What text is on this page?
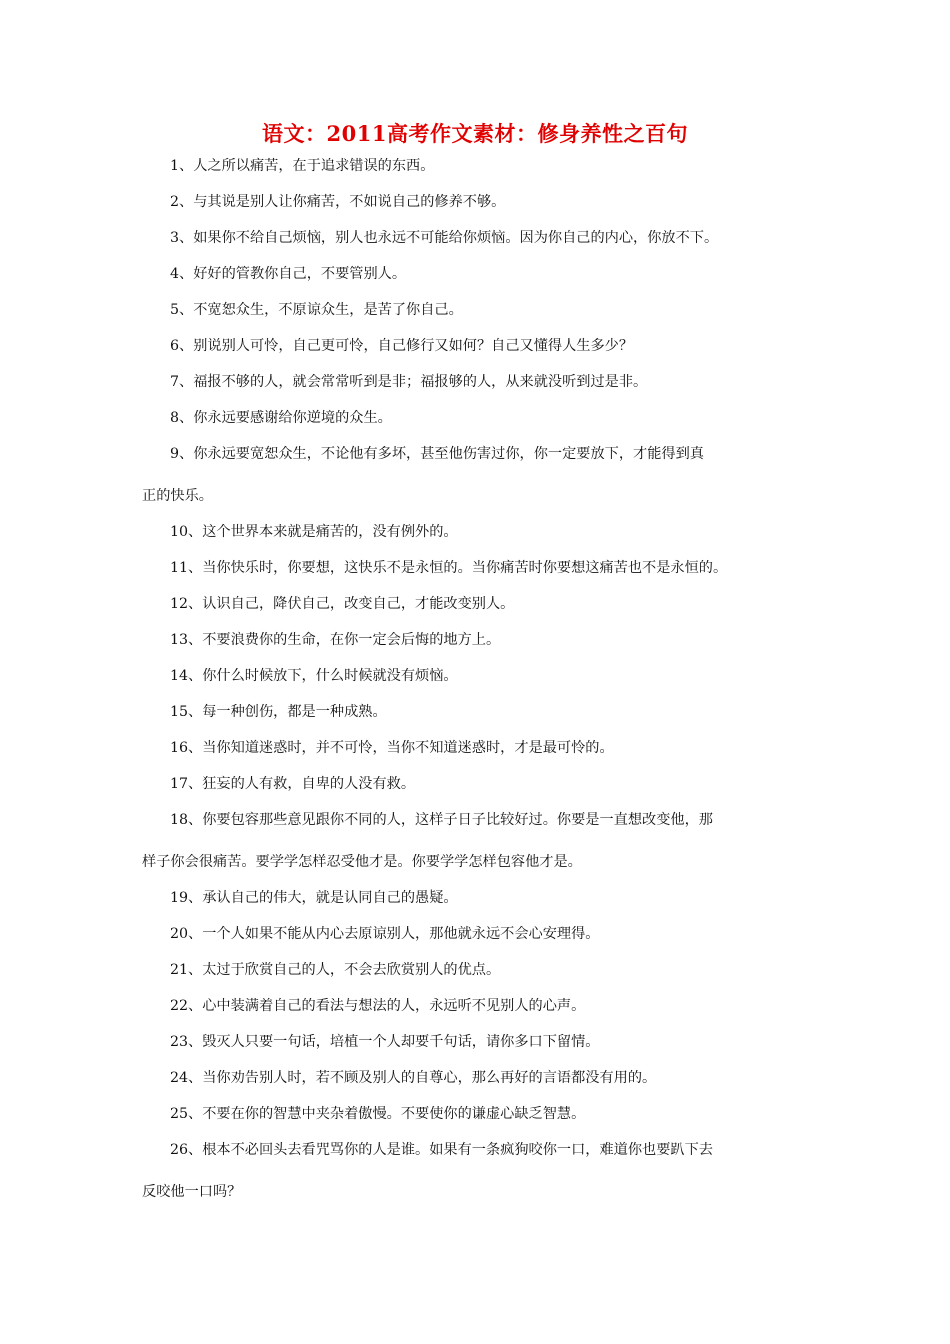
语文：2011高考作文素材：修身养性之百句
1、人之所以痛苦，在于追求错误的东西。
2、与其说是别人让你痛苦，不如说自己的修养不够。
3、如果你不给自己烦恼，别人也永远不可能给你烦恼。因为你自己的内心，你放不下。
4、好好的管教你自己，不要管别人。
5、不宽恕众生，不原谅众生，是苦了你自己。
6、别说别人可怜，自己更可怜，自己修行又如何？自己又懂得人生多少？
7、福报不够的人，就会常常听到是非；福报够的人，从来就没听到过是非。
8、你永远要感谢给你逆境的众生。
9、你永远要宽恕众生，不论他有多坏，甚至他伤害过你，你一定要放下，才能得到真
正的快乐。
10、这个世界本来就是痛苦的，没有例外的。
11、当你快乐时，你要想，这快乐不是永恒的。当你痛苦时你要想这痛苦也不是永恒的。
12、认识自己，降伏自己，改变自己，才能改变别人。
13、不要浪费你的生命，在你一定会后悔的地方上。
14、你什么时候放下，什么时候就没有烦恼。
15、每一种创伤，都是一种成熟。
16、当你知道迷惑时，并不可怜，当你不知道迷惑时，才是最可怜的。
17、狂妄的人有救，自卑的人没有救。
18、你要包容那些意见跟你不同的人，这样子日子比较好过。你要是一直想改变他，那
样子你会很痛苦。要学学怎样忍受他才是。你要学学怎样包容他才是。
19、承认自己的伟大，就是认同自己的愚疑。
20、一个人如果不能从内心去原谅别人，那他就永远不会心安理得。
21、太过于欣赏自己的人，不会去欣赏别人的优点。
22、心中装满着自己的看法与想法的人，永远听不见别人的心声。
23、毁灭人只要一句话，培植一个人却要千句话，请你多口下留情。
24、当你劝告别人时，若不顾及别人的自尊心，那么再好的言语都没有用的。
25、不要在你的智慧中夹杂着傲慢。不要使你的谦虚心缺乏智慧。
26、根本不必回头去看咒骂你的人是谁。如果有一条疯狗咬你一口，难道你也要趴下去
反咬他一口吗？
